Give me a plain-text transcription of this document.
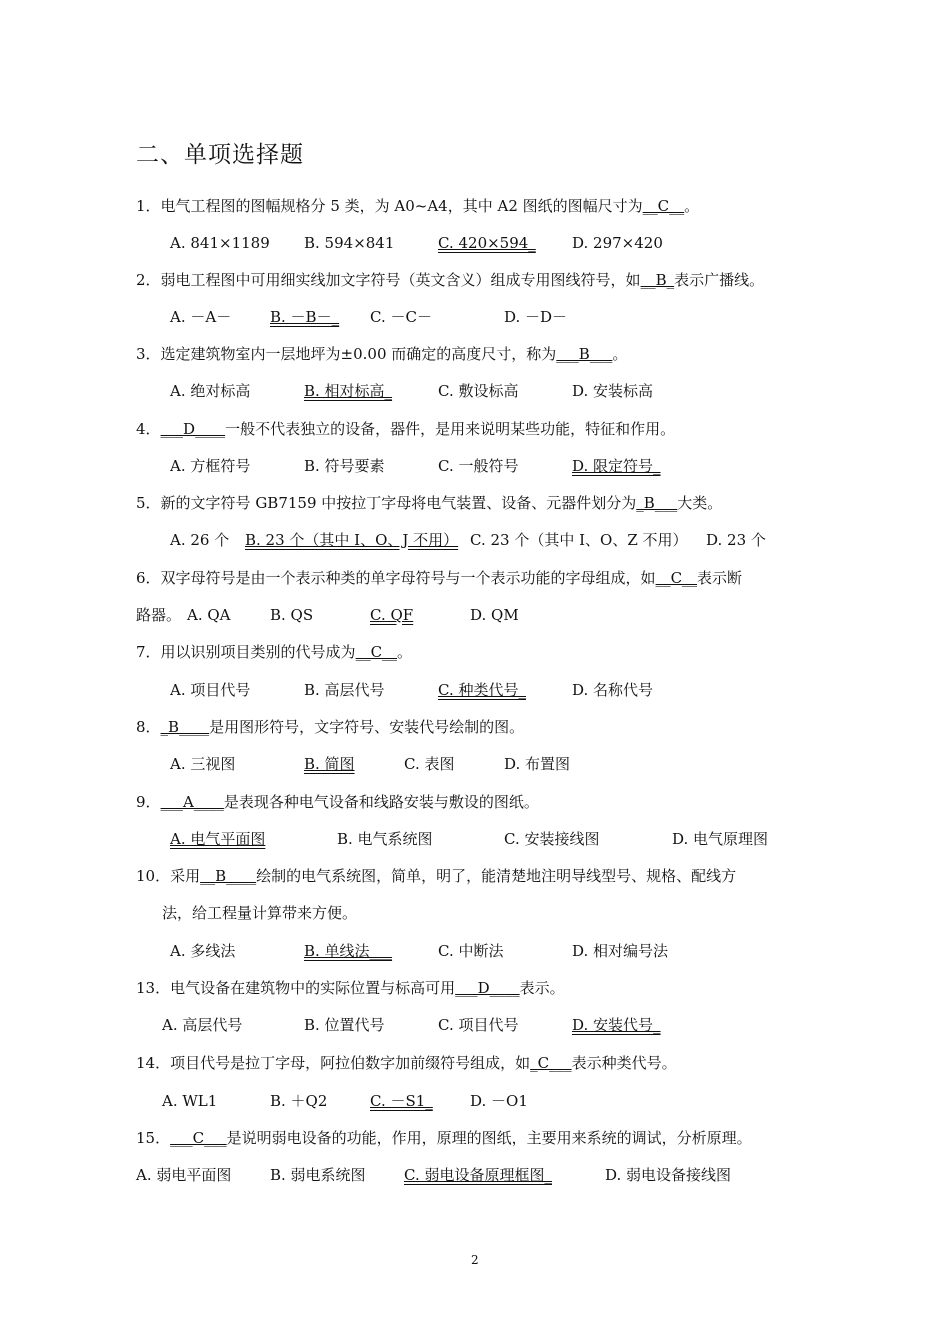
二、单项选择题
1．电气工程图的图幅规格分 5 类，为 A0~A4，其中 A2 图纸的图幅尺寸为__C__。
A. 841×1189 B. 594×841	C. 420×594_ D. 297×420
2．弱电工程图中可用细实线加文字符号（英文含义）组成专用图线符号，如__B_表示广播线。
A. －A－	B. －B－_ C. －C－	D. －D－
3．选定建筑物室内一层地坪为±0.00 而确定的高度尺寸，称为___B___。
A. 绝对标高	B. 相对标高_	C. 敷设标高	D. 安装标高
4．___D____一般不代表独立的设备，器件，是用来说明某些功能，特征和作用。
A. 方框符号	B. 符号要素	C. 一般符号	D. 限定符号_
5．新的文字符号 GB7159 中按拉丁字母将电气装置、设备、元器件划分为_B___大类。
A. 26 个 B. 23 个（其中 I、O、J 不用） C. 23 个（其中 I、O、Z 不用） D. 23 个
6．双字母符号是由一个表示种类的单字母符号与一个表示功能的字母组成，如__C__表示断
路器。 A. QA	B. QS	C. QF	D. QM
7．用以识别项目类别的代号成为__C__。
A. 项目代号	B. 高层代号	C. 种类代号_	D. 名称代号
8．_B____是用图形符号，文字符号、安装代号绘制的图。
A. 三视图	B. 简图	C. 表图	D. 布置图
9．___A____是表现各种电气设备和线路安装与敷设的图纸。
A. 电气平面图	B. 电气系统图	C. 安装接线图	D. 电气原理图
10．采用__B____绘制的电气系统图，简单，明了，能清楚地注明导线型号、规格、配线方
法，给工程量计算带来方便。
A. 多线法	B. 单线法___	C. 中断法	D. 相对编号法
13．电气设备在建筑物中的实际位置与标高可用___D____表示。
A. 高层代号	B. 位置代号	C. 项目代号	D. 安装代号_
14．项目代号是拉丁字母，阿拉伯数字加前缀符号组成，如_C___表示种类代号。
A. WL1	B. ＋Q2	C. －S1_ D. －O1
15．___C___是说明弱电设备的功能，作用，原理的图纸，主要用来系统的调试，分析原理。
A. 弱电平面图	B. 弱电系统图	C. 弱电设备原理框图_	D. 弱电设备接线图
2
